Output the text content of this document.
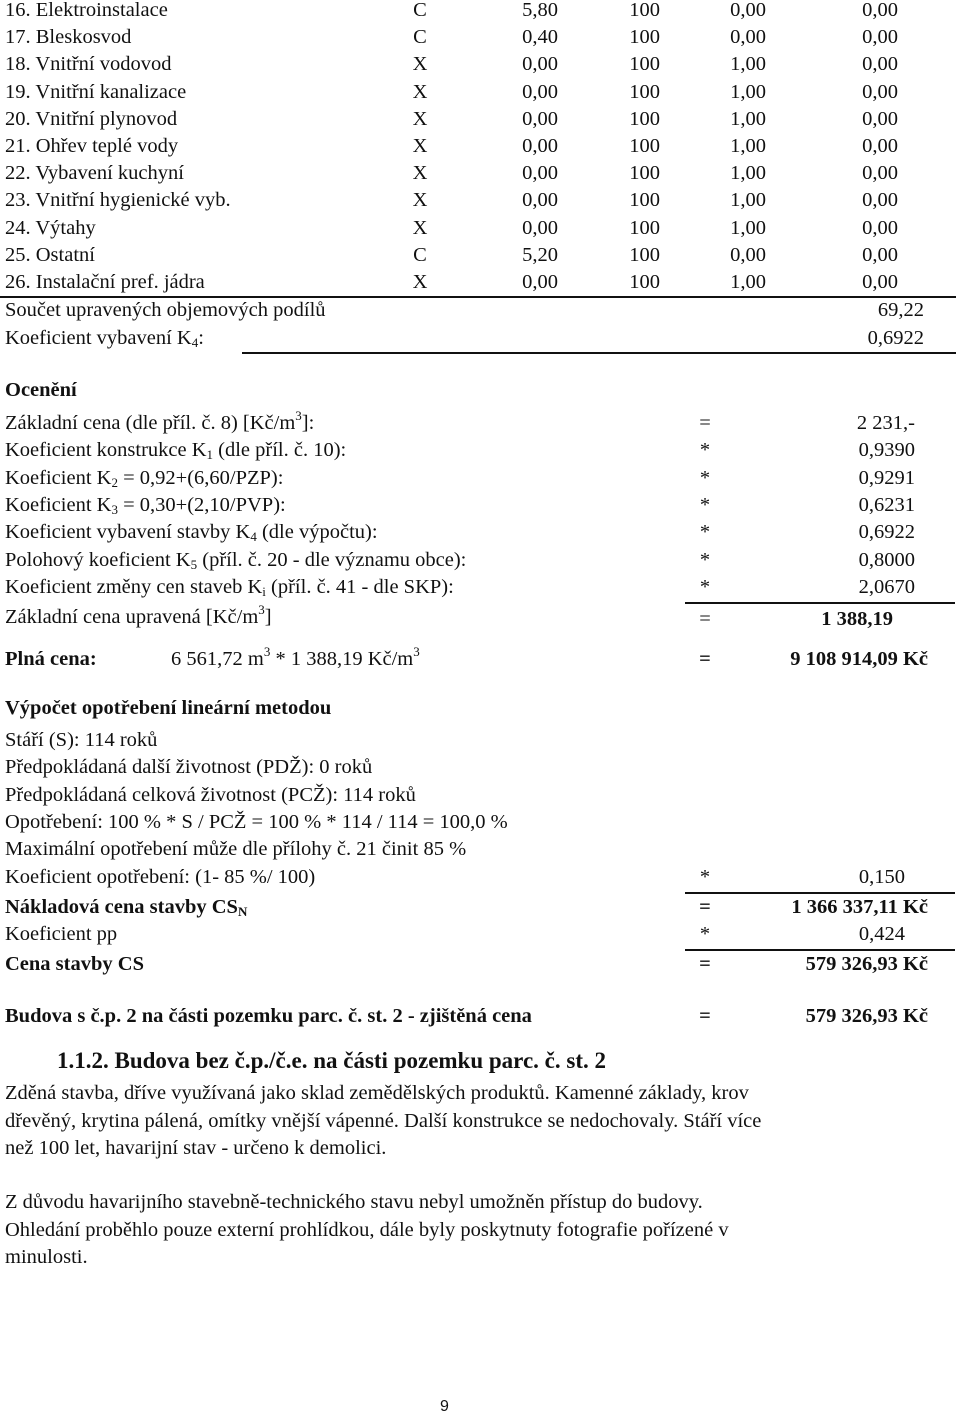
16. Elektroinstalace	C	5,80	100	0,00	0,00
17. Bleskosvod	C	0,40	100	0,00	0,00
18. Vnitřní vodovod	X	0,00	100	1,00	0,00
19. Vnitřní kanalizace	X	0,00	100	1,00	0,00
20. Vnitřní plynovod	X	0,00	100	1,00	0,00
21. Ohřev teplé vody	X	0,00	100	1,00	0,00
22. Vybavení kuchyní	X	0,00	100	1,00	0,00
23. Vnitřní hygienické vyb.	X	0,00	100	1,00	0,00
24. Výtahy	X	0,00	100	1,00	0,00
25. Ostatní	C	5,20	100	0,00	0,00
26. Instalační pref. jádra	X	0,00	100	1,00	0,00
Součet upravených objemových podílů	69,22
Koeficient vybavení $K_4$:	0,6922
Ocenění
Základní cena (dle příl. č. 8) $[Kč/m^3]$:	=	2 231,-
Koeficient konstrukce $K_1$ (dle příl. č. 10):	*	0,9390
Koeficient $K_2 = 0,92+(6,60/PZP)$:	*	0,9291
Koeficient $K_3 = 0,30+(2,10/PVP)$:	*	0,6231
Koeficient vybavení stavby $K_4$ (dle výpočtu):	*	0,6922
Polohový koeficient $K_5$ (příl. č. 20 - dle významu obce):	*	0,8000
Koeficient změny cen staveb $K_i$ (příl. č. 41 - dle SKP):	*	2,0670
Základní cena upravená $[Kč/m^3]$	=	1 388,19
Plná cena:	6 561,72 $m^3 * 1$ 388,19 $Kč/m^3$	=	9 108 914,09 Kč
Výpočet opotřebení lineární metodou
Stáří (S): 114 roků
Předpokládaná další životnost (PDŽ): 0 roků
Předpokládaná celková životnost (PCŽ): 114 roků
Opotřebení: 100 % * S / PCŽ = 100 % * 114 / 114 = 100,0 %
Maximální opotřebení může dle přílohy č. 21 činit 85 %
Koeficient opotřebení: (1- 85 %/ 100)	*	0,150
Nákladová cena stavby $CS_N$	=	1 366 337,11 Kč
Koeficient pp	*	0,424
Cena stavby CS	=	579 326,93 Kč
Budova s č.p. 2 na části pozemku parc. č. st. 2 - zjištěná cena	=	579 326,93 Kč
1.1.2. Budova bez č.p./č.e. na části pozemku parc. č. st. 2
Zděná stavba, dříve využívaná jako sklad zemědělských produktů. Kamenné základy, krov
dřevěný, krytina pálená, omítky vnější vápenné. Další konstrukce se nedochovaly. Stáří více
než 100 let, havarijní stav - určeno k demolici.
Z důvodu havarijního stavebně-technického stavu nebyl umožněn přístup do budovy.
Ohledání proběhlo pouze externí prohlídkou, dále byly poskytnuty fotografie pořízené v
minulosti.
9
